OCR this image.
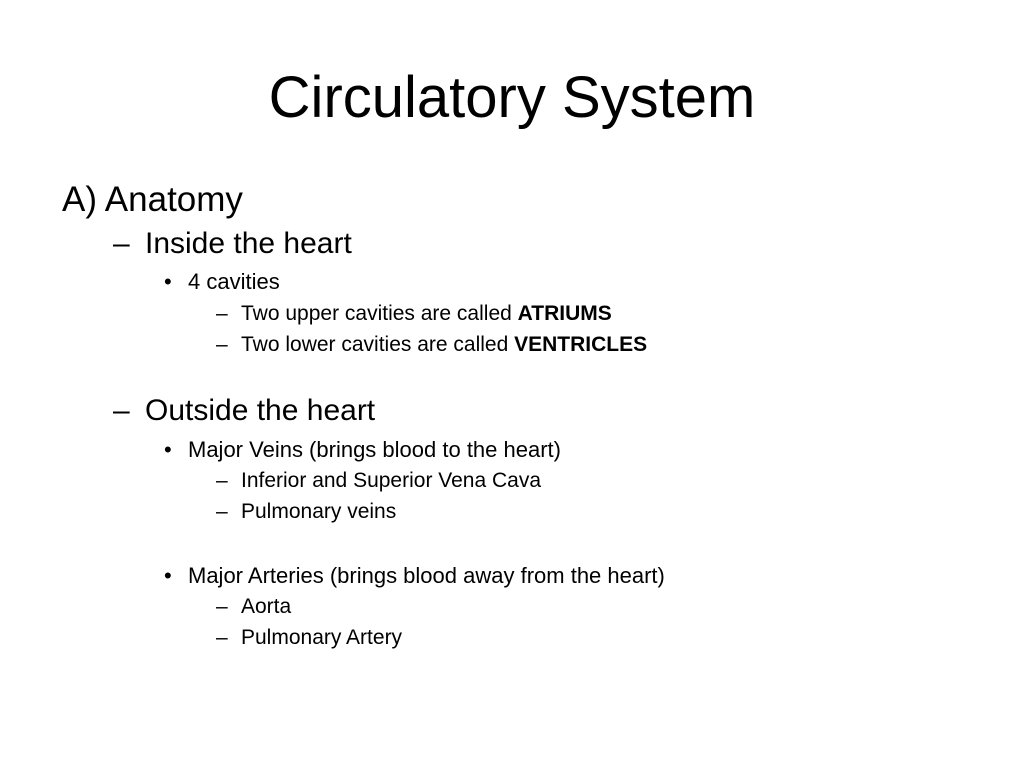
Circulatory System
A) Anatomy
– Inside the heart
• 4 cavities
– Two upper cavities are called ATRIUMS
– Two lower cavities are called VENTRICLES
– Outside the heart
• Major Veins (brings blood to the heart)
– Inferior and Superior Vena Cava
– Pulmonary veins
• Major Arteries (brings blood away from the heart)
– Aorta
– Pulmonary Artery
